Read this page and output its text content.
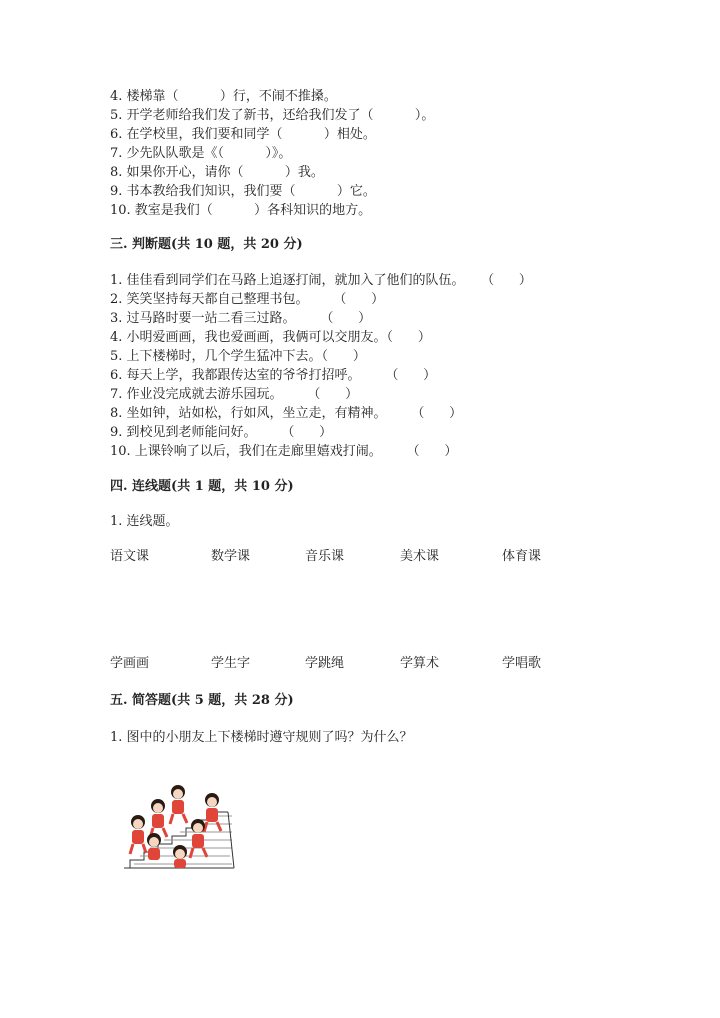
4. 楼梯靠（          ）行，不闹不推搡。
5. 开学老师给我们发了新书，还给我们发了（          ）。
6. 在学校里，我们要和同学（          ）相处。
7. 少先队队歌是《（          ）》。
8. 如果你开心，请你（          ）我。
9. 书本教给我们知识，我们要（          ）它。
10. 教室是我们（          ）各科知识的地方。
三. 判断题(共 10 题，共 20 分)
1. 佳佳看到同学们在马路上追逐打闹，就加入了他们的队伍。    （      ）
2. 笑笑坚持每天都自己整理书包。      （      ）
3. 过马路时要一站二看三过路。      （      ）
4. 小明爱画画，我也爱画画，我俩可以交朋友。（      ）
5. 上下楼梯时，几个学生猛冲下去。（      ）
6. 每天上学，我都跟传达室的爷爷打招呼。      （      ）
7. 作业没完成就去游乐园玩。      （      ）
8. 坐如钟，站如松，行如风，坐立走，有精神。      （      ）
9. 到校见到老师能问好。      （      ）
10. 上课铃响了以后，我们在走廊里嬉戏打闹。      （      ）
四. 连线题(共 1 题，共 10 分)
1. 连线题。
语文课	数学课	音乐课	美术课	体育课
学画画	学生字	学跳绳	学算术	学唱歌
五. 简答题(共 5 题，共 28 分)
1. 图中的小朋友上下楼梯时遵守规则了吗？为什么？
